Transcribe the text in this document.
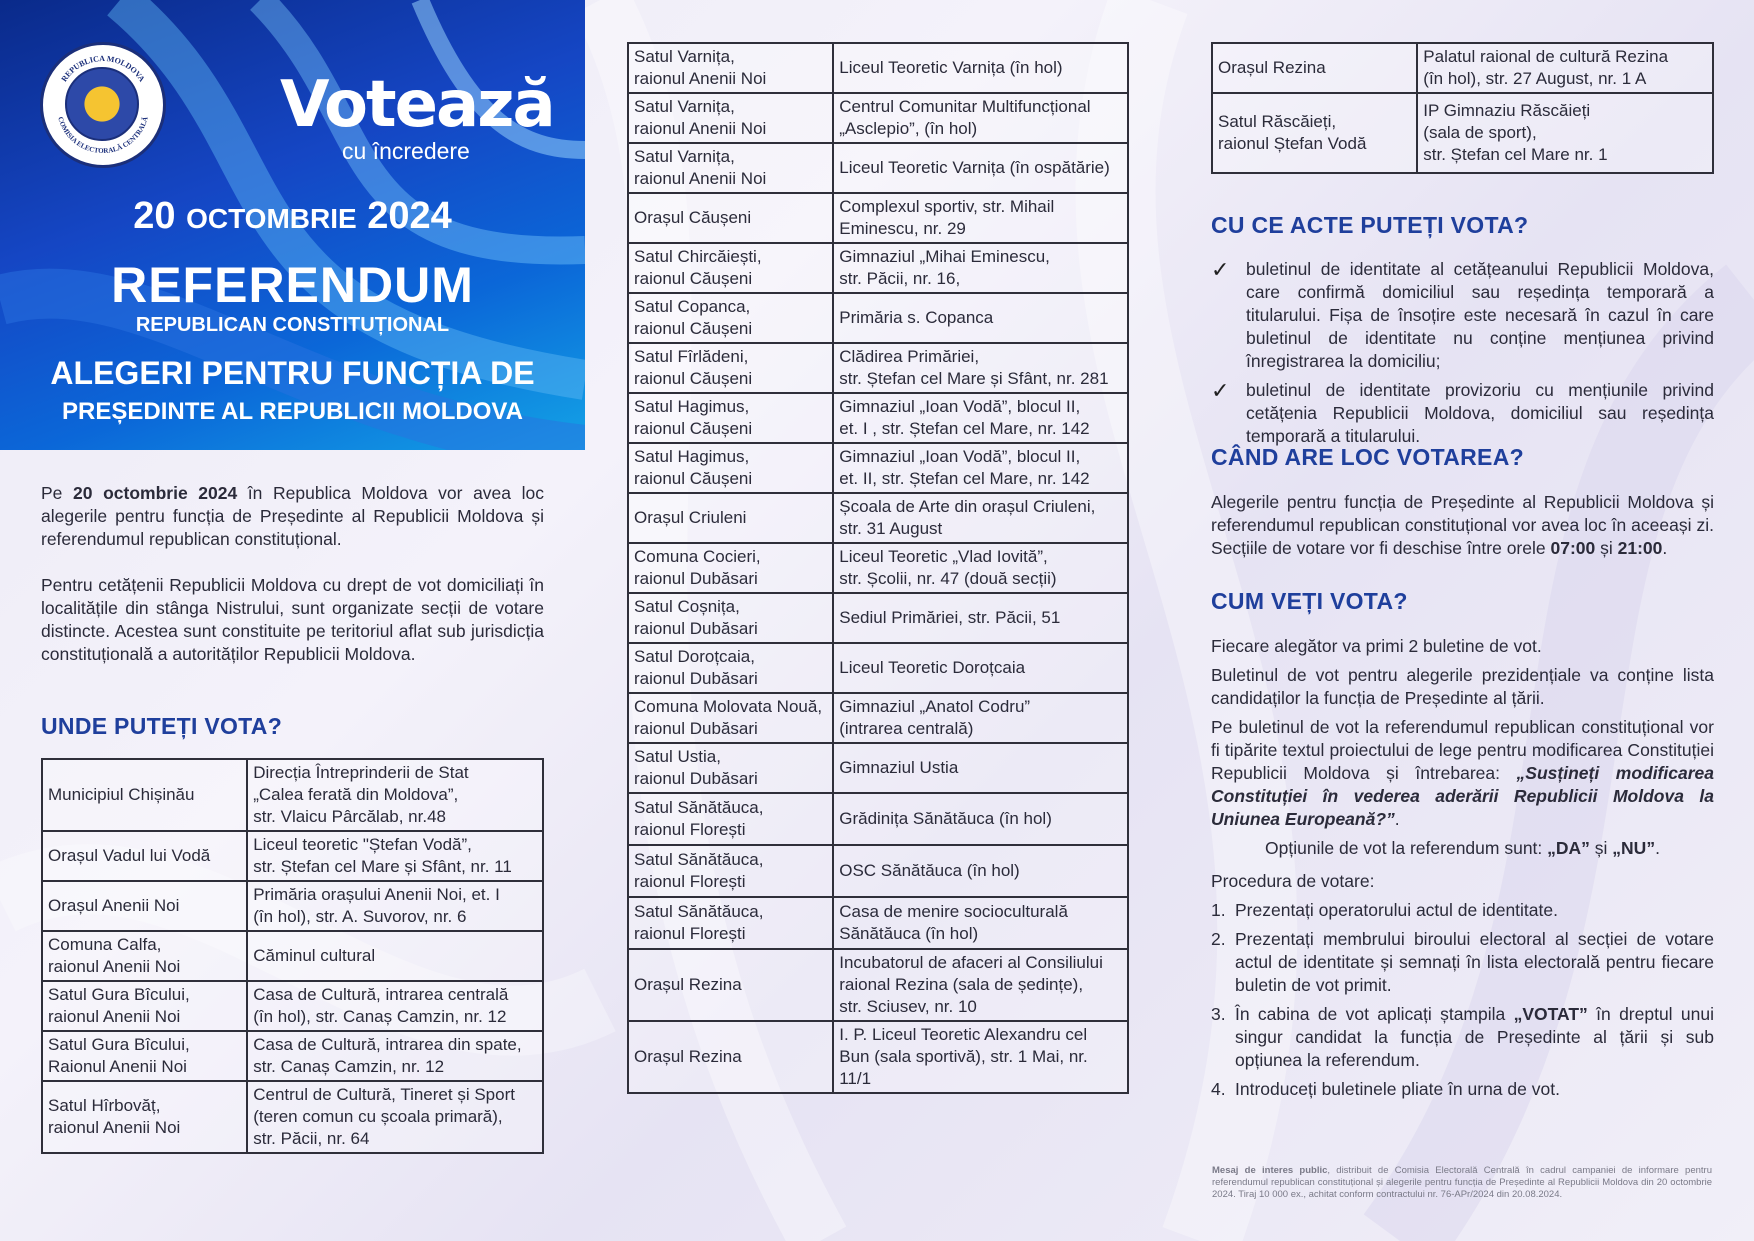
REPUBLICA MOLDOVA
COMISIA ELECTORALĂ CENTRALĂ Votează
cu încredere
20 OCTOMBRIE 2024
REFERENDUM
REPUBLICAN CONSTITUȚIONAL
ALEGERI PENTRU FUNCȚIA DE
PREȘEDINTE AL REPUBLICII MOLDOVA
Pe 20 octombrie 2024 în Republica Moldova vor avea loc alegerile pentru funcția de Președinte al Republicii Moldova și referendumul republican constituțional.
Pentru cetățenii Republicii Moldova cu drept de vot domiciliați în localitățile din stânga Nistrului, sunt organizate secții de votare distincte. Acestea sunt constituite pe teritoriul aflat sub jurisdicția constituțională a autorităților Republicii Moldova.
UNDE PUTEȚI VOTA?
Municipiul Chișinău	Direcția Întreprinderii de Stat
„Calea ferată din Moldova”,
str. Vlaicu Pârcălab, nr.48
Orașul Vadul lui Vodă	Liceul teoretic "Ștefan Vodă”,
str. Ștefan cel Mare și Sfânt, nr. 11
Orașul Anenii Noi	Primăria orașului Anenii Noi, et. I
(în hol), str. A. Suvorov, nr. 6
Comuna Calfa,
raionul Anenii Noi	Căminul cultural
Satul Gura Bîcului,
raionul Anenii Noi	Casa de Cultură, intrarea centrală
(în hol), str. Canaș Camzin, nr. 12
Satul Gura Bîcului,
Raionul Anenii Noi	Casa de Cultură, intrarea din spate,
str. Canaș Camzin, nr. 12
Satul Hîrbovăț,
raionul Anenii Noi	Centrul de Cultură, Tineret și Sport
(teren comun cu școala primară),
str. Păcii, nr. 64
Satul Varnița,
raionul Anenii Noi	Liceul Teoretic Varnița (în hol)
Satul Varnița,
raionul Anenii Noi	Centrul Comunitar Multifuncțional
„Asclepio”, (în hol)
Satul Varnița,
raionul Anenii Noi	Liceul Teoretic Varnița (în ospătărie)
Orașul Căușeni	Complexul sportiv, str. Mihail
Eminescu, nr. 29
Satul Chircăiești,
raionul Căușeni	Gimnaziul „Mihai Eminescu,
str. Păcii, nr. 16,
Satul Copanca,
raionul Căușeni	Primăria s. Copanca
Satul Fîrlădeni,
raionul Căușeni	Clădirea Primăriei,
str. Ștefan cel Mare și Sfânt, nr. 281
Satul Hagimus,
raionul Căușeni	Gimnaziul „Ioan Vodă”, blocul II,
et. I , str. Ștefan cel Mare, nr. 142
Satul Hagimus,
raionul Căușeni	Gimnaziul „Ioan Vodă”, blocul II,
et. II, str. Ștefan cel Mare, nr. 142
Orașul Criuleni	Școala de Arte din orașul Criuleni,
str. 31 August
Comuna Cocieri,
raionul Dubăsari	Liceul Teoretic „Vlad Iovită”,
str. Școlii, nr. 47 (două secții)
Satul Coșnița,
raionul Dubăsari	Sediul Primăriei, str. Păcii, 51
Satul Doroțcaia,
raionul Dubăsari	Liceul Teoretic Doroțcaia
Comuna Molovata Nouă,
raionul Dubăsari	Gimnaziul „Anatol Codru”
(intrarea centrală)
Satul Ustia,
raionul Dubăsari	Gimnaziul Ustia
Satul Sănătăuca,
raionul Florești	Grădinița Sănătăuca (în hol)
Satul Sănătăuca,
raionul Florești	OSC Sănătăuca (în hol)
Satul Sănătăuca,
raionul Florești	Casa de menire socioculturală
Sănătăuca (în hol)
Orașul Rezina	Incubatorul de afaceri al Consiliului
raional Rezina (sala de ședințe),
str. Sciusev, nr. 10
Orașul Rezina	I. P. Liceul Teoretic Alexandru cel
Bun (sala sportivă), str. 1 Mai, nr. 11/1
Orașul Rezina	Palatul raional de cultură Rezina
(în hol), str. 27 August, nr. 1 A
Satul Răscăieți,
raionul Ștefan Vodă	IP Gimnaziu Răscăieți
(sala de sport),
str. Ștefan cel Mare nr. 1
CU CE ACTE PUTEȚI VOTA?
✓ buletinul de identitate al cetățeanului Republicii Moldova, care confirmă domiciliul sau reședința temporară a titularului. Fișa de însoțire este necesară în cazul în care buletinul de identitate nu conține mențiunea privind înregistrarea la domiciliu;
✓ buletinul de identitate provizoriu cu mențiunile privind cetățenia Republicii Moldova, domiciliul sau reședința temporară a titularului.
CÂND ARE LOC VOTAREA?
Alegerile pentru funcția de Președinte al Republicii Moldova și referendumul republican constituțional vor avea loc în aceeași zi. Secțiile de votare vor fi deschise între orele 07:00 și 21:00.
CUM VEȚI VOTA?
Fiecare alegător va primi 2 buletine de vot.
Buletinul de vot pentru alegerile prezidențiale va conține lista candidaților la funcția de Președinte al țării.
Pe buletinul de vot la referendumul republican constituțional vor fi tipărite textul proiectului de lege pentru modificarea Constituției Republicii Moldova și întrebarea: „Susțineți modificarea Constituției în vederea aderării Republicii Moldova la Uniunea Europeană?”.
Opțiunile de vot la referendum sunt: „DA” și „NU”.
Procedura de votare:
1. Prezentați operatorului actul de identitate.
2. Prezentați membrului biroului electoral al secției de votare actul de identitate și semnați în lista electorală pentru fiecare buletin de vot primit.
3. În cabina de vot aplicați ștampila „VOTAT” în dreptul unui singur candidat la funcția de Președinte al țării și sub opțiunea la referendum.
4. Introduceți buletinele pliate în urna de vot.
Mesaj de interes public, distribuit de Comisia Electorală Centrală în cadrul campaniei de informare pentru referendumul republican constituțional și alegerile pentru funcția de Președinte al Republicii Moldova din 20 octombrie 2024. Tiraj 10 000 ex., achitat conform contractului nr. 76-APr/2024 din 20.08.2024.
